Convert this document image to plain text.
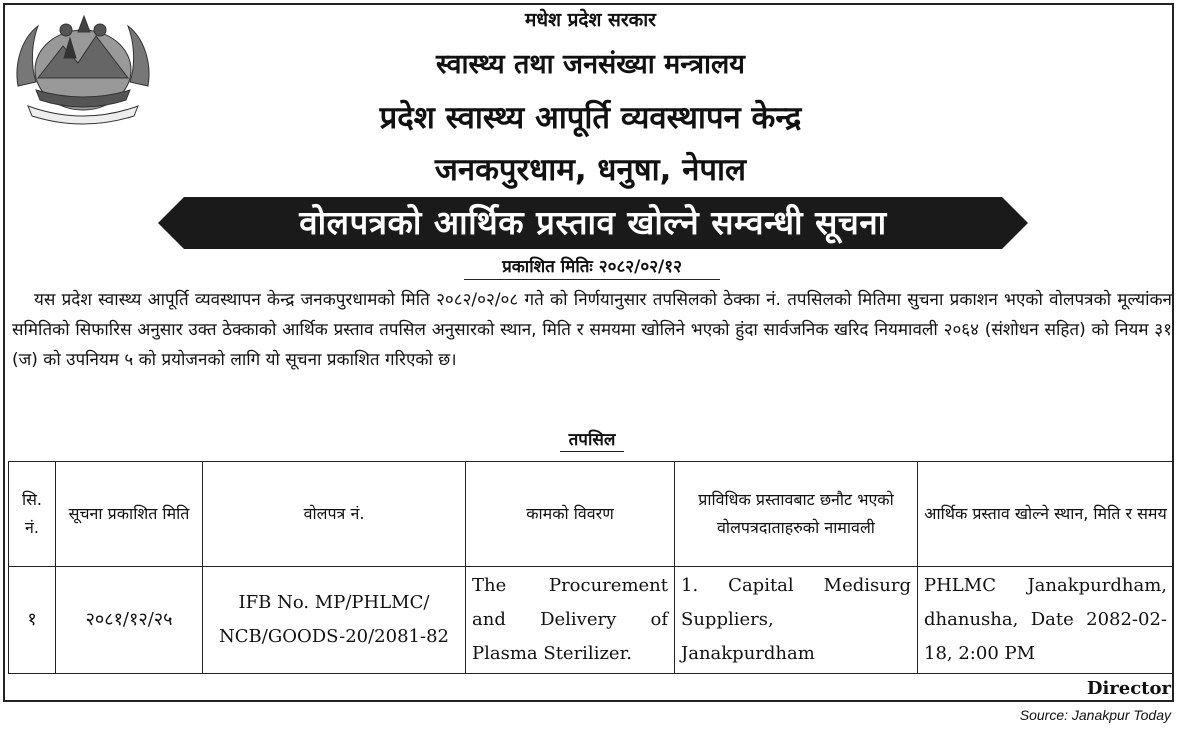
मधेश प्रदेश सरकार
स्वास्थ्य तथा जनसंख्या मन्त्रालय
प्रदेश स्वास्थ्य आपूर्ति व्यवस्थापन केन्द्र
जनकपुरधाम, धनुषा, नेपाल
वोलपत्रको आर्थिक प्रस्ताव खोल्ने सम्वन्धी सूचना
प्रकाशित मितिः २०८२/०२/१२
यस प्रदेश स्वास्थ्य आपूर्ति व्यवस्थापन केन्द्र जनकपुरधामको मिति २०८२/०२/०८ गते को निर्णयानुसार तपसिलको ठेक्का नं. तपसिलको मितिमा सुचना प्रकाशन भएको वोलपत्रको मूल्यांकन समितिको सिफारिस अनुसार उक्त ठेक्काको आर्थिक प्रस्ताव तपसिल अनुसारको स्थान, मिति र समयमा खोलिने भएको हुंदा सार्वजनिक खरिद नियमावली २०६४ (संशोधन सहित) को नियम ३१ (ज) को उपनियम ५ को प्रयोजनको लागि यो सूचना प्रकाशित गरिएको छ।
तपसिल
सि. नं.	सूचना प्रकाशित मिति	वोलपत्र नं.	कामको विवरण	प्राविधिक प्रस्तावबाट छनौट भएको वोलपत्रदाताहरुको नामावली	आर्थिक प्रस्ताव खोल्ने स्थान, मिति र समय
१	२०८१/१२/२५	IFB No. MP/PHLMC/ NCB/GOODS-20/2081-82	The Procurement and Delivery of Plasma Sterilizer.	1. Capital Medisurg Suppliers, Janakpurdham	PHLMC Janakpurdham, dhanusha, Date 2082-02-18, 2:00 PM
Director
Source: Janakpur Today
